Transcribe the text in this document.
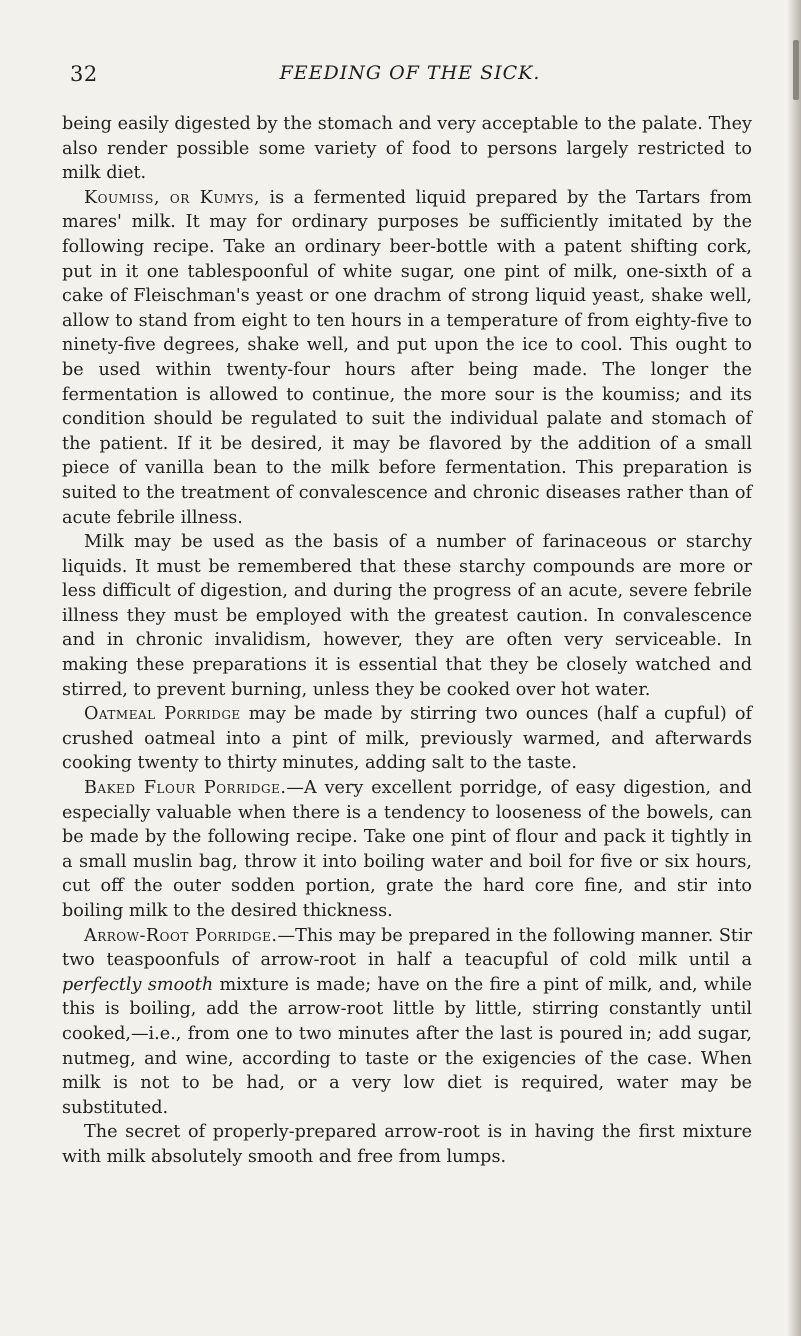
32	FEEDING OF THE SICK.

being easily digested by the stomach and very acceptable to the palate. They also render possible some variety of food to persons largely restricted to milk diet.

Koumiss, or Kumys, is a fermented liquid prepared by the Tartars from mares' milk. It may for ordinary purposes be sufficiently imitated by the following recipe. Take an ordinary beer-bottle with a patent shifting cork, put in it one tablespoonful of white sugar, one pint of milk, one-sixth of a cake of Fleischman's yeast or one drachm of strong liquid yeast, shake well, allow to stand from eight to ten hours in a temperature of from eighty-five to ninety-five degrees, shake well, and put upon the ice to cool. This ought to be used within twenty-four hours after being made. The longer the fermentation is allowed to continue, the more sour is the koumiss; and its condition should be regulated to suit the individual palate and stomach of the patient. If it be desired, it may be flavored by the addition of a small piece of vanilla bean to the milk before fermentation. This preparation is suited to the treatment of convalescence and chronic diseases rather than of acute febrile illness.

Milk may be used as the basis of a number of farinaceous or starchy liquids. It must be remembered that these starchy compounds are more or less difficult of digestion, and during the progress of an acute, severe febrile illness they must be employed with the greatest caution. In convalescence and in chronic invalidism, however, they are often very serviceable. In making these preparations it is essential that they be closely watched and stirred, to prevent burning, unless they be cooked over hot water.

Oatmeal Porridge may be made by stirring two ounces (half a cupful) of crushed oatmeal into a pint of milk, previously warmed, and afterwards cooking twenty to thirty minutes, adding salt to the taste.

Baked Flour Porridge.—A very excellent porridge, of easy digestion, and especially valuable when there is a tendency to looseness of the bowels, can be made by the following recipe. Take one pint of flour and pack it tightly in a small muslin bag, throw it into boiling water and boil for five or six hours, cut off the outer sodden portion, grate the hard core fine, and stir into boiling milk to the desired thickness.

Arrow-Root Porridge.—This may be prepared in the following manner. Stir two teaspoonfuls of arrow-root in half a teacupful of cold milk until a perfectly smooth mixture is made; have on the fire a pint of milk, and, while this is boiling, add the arrow-root little by little, stirring constantly until cooked,—i.e., from one to two minutes after the last is poured in; add sugar, nutmeg, and wine, according to taste or the exigencies of the case. When milk is not to be had, or a very low diet is required, water may be substituted.

The secret of properly-prepared arrow-root is in having the first mixture with milk absolutely smooth and free from lumps.
